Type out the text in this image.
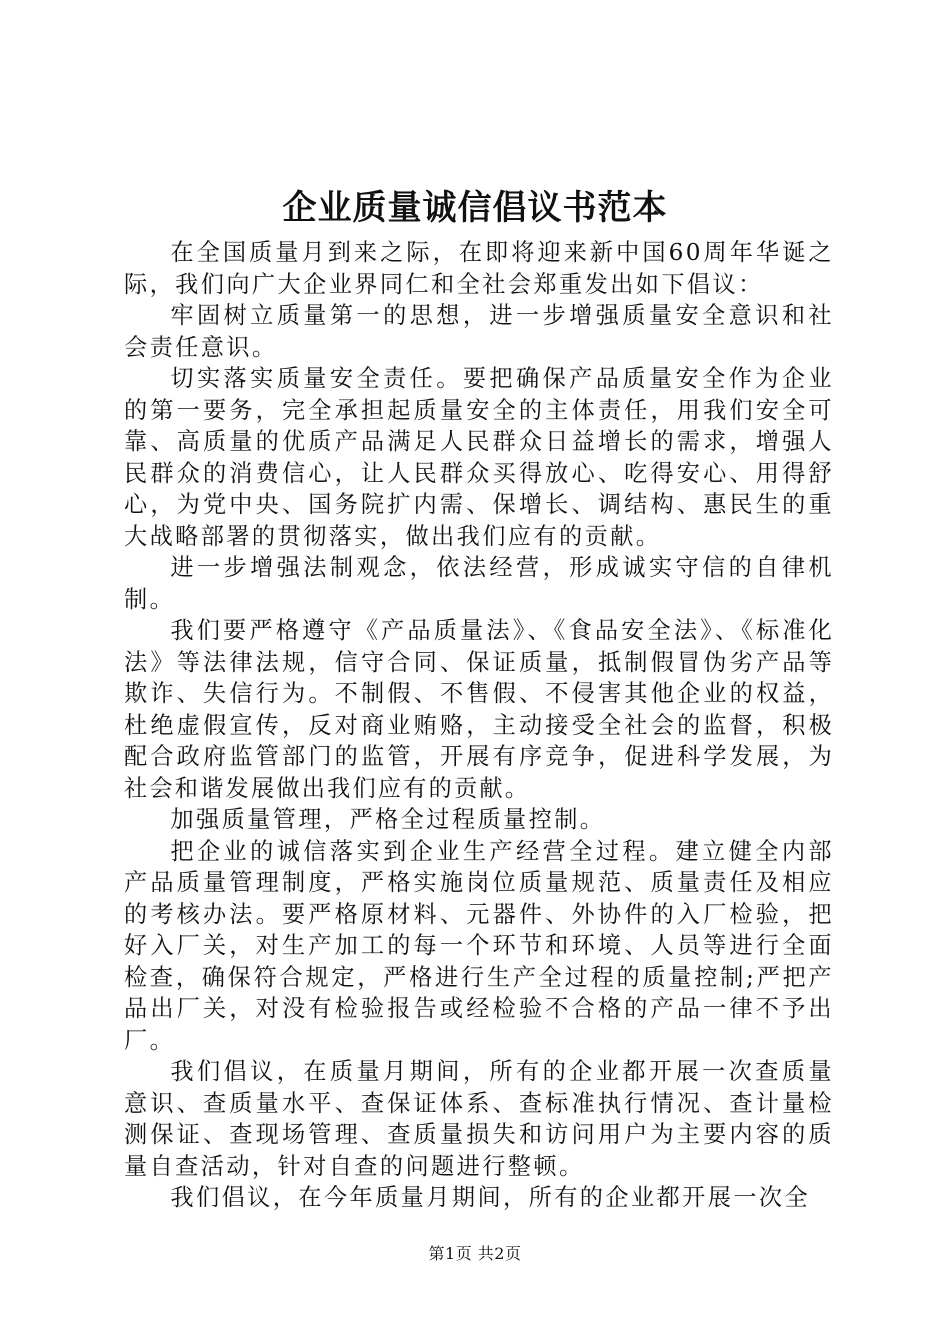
企业质量诚信倡议书范本

在全国质量月到来之际，在即将迎来新中国60周年华诞之际，我们向广大企业界同仁和全社会郑重发出如下倡议：

牢固树立质量第一的思想，进一步增强质量安全意识和社会责任意识。

切实落实质量安全责任。要把确保产品质量安全作为企业的第一要务，完全承担起质量安全的主体责任，用我们安全可靠、高质量的优质产品满足人民群众日益增长的需求，增强人民群众的消费信心，让人民群众买得放心、吃得安心、用得舒心，为党中央、国务院扩内需、保增长、调结构、惠民生的重大战略部署的贯彻落实，做出我们应有的贡献。

进一步增强法制观念，依法经营，形成诚实守信的自律机制。

我们要严格遵守《产品质量法》、《食品安全法》、《标准化法》等法律法规，信守合同、保证质量，抵制假冒伪劣产品等欺诈、失信行为。不制假、不售假、不侵害其他企业的权益，杜绝虚假宣传，反对商业贿赂，主动接受全社会的监督，积极配合政府监管部门的监管，开展有序竞争，促进科学发展，为社会和谐发展做出我们应有的贡献。

加强质量管理，严格全过程质量控制。

把企业的诚信落实到企业生产经营全过程。建立健全内部产品质量管理制度，严格实施岗位质量规范、质量责任及相应的考核办法。要严格原材料、元器件、外协件的入厂检验，把好入厂关，对生产加工的每一个环节和环境、人员等进行全面检查，确保符合规定，严格进行生产全过程的质量控制;严把产品出厂关，对没有检验报告或经检验不合格的产品一律不予出厂。

我们倡议，在质量月期间，所有的企业都开展一次查质量意识、查质量水平、查保证体系、查标准执行情况、查计量检测保证、查现场管理、查质量损失和访问用户为主要内容的质量自查活动，针对自查的问题进行整顿。

我们倡议，在今年质量月期间，所有的企业都开展一次全

第1页 共2页
